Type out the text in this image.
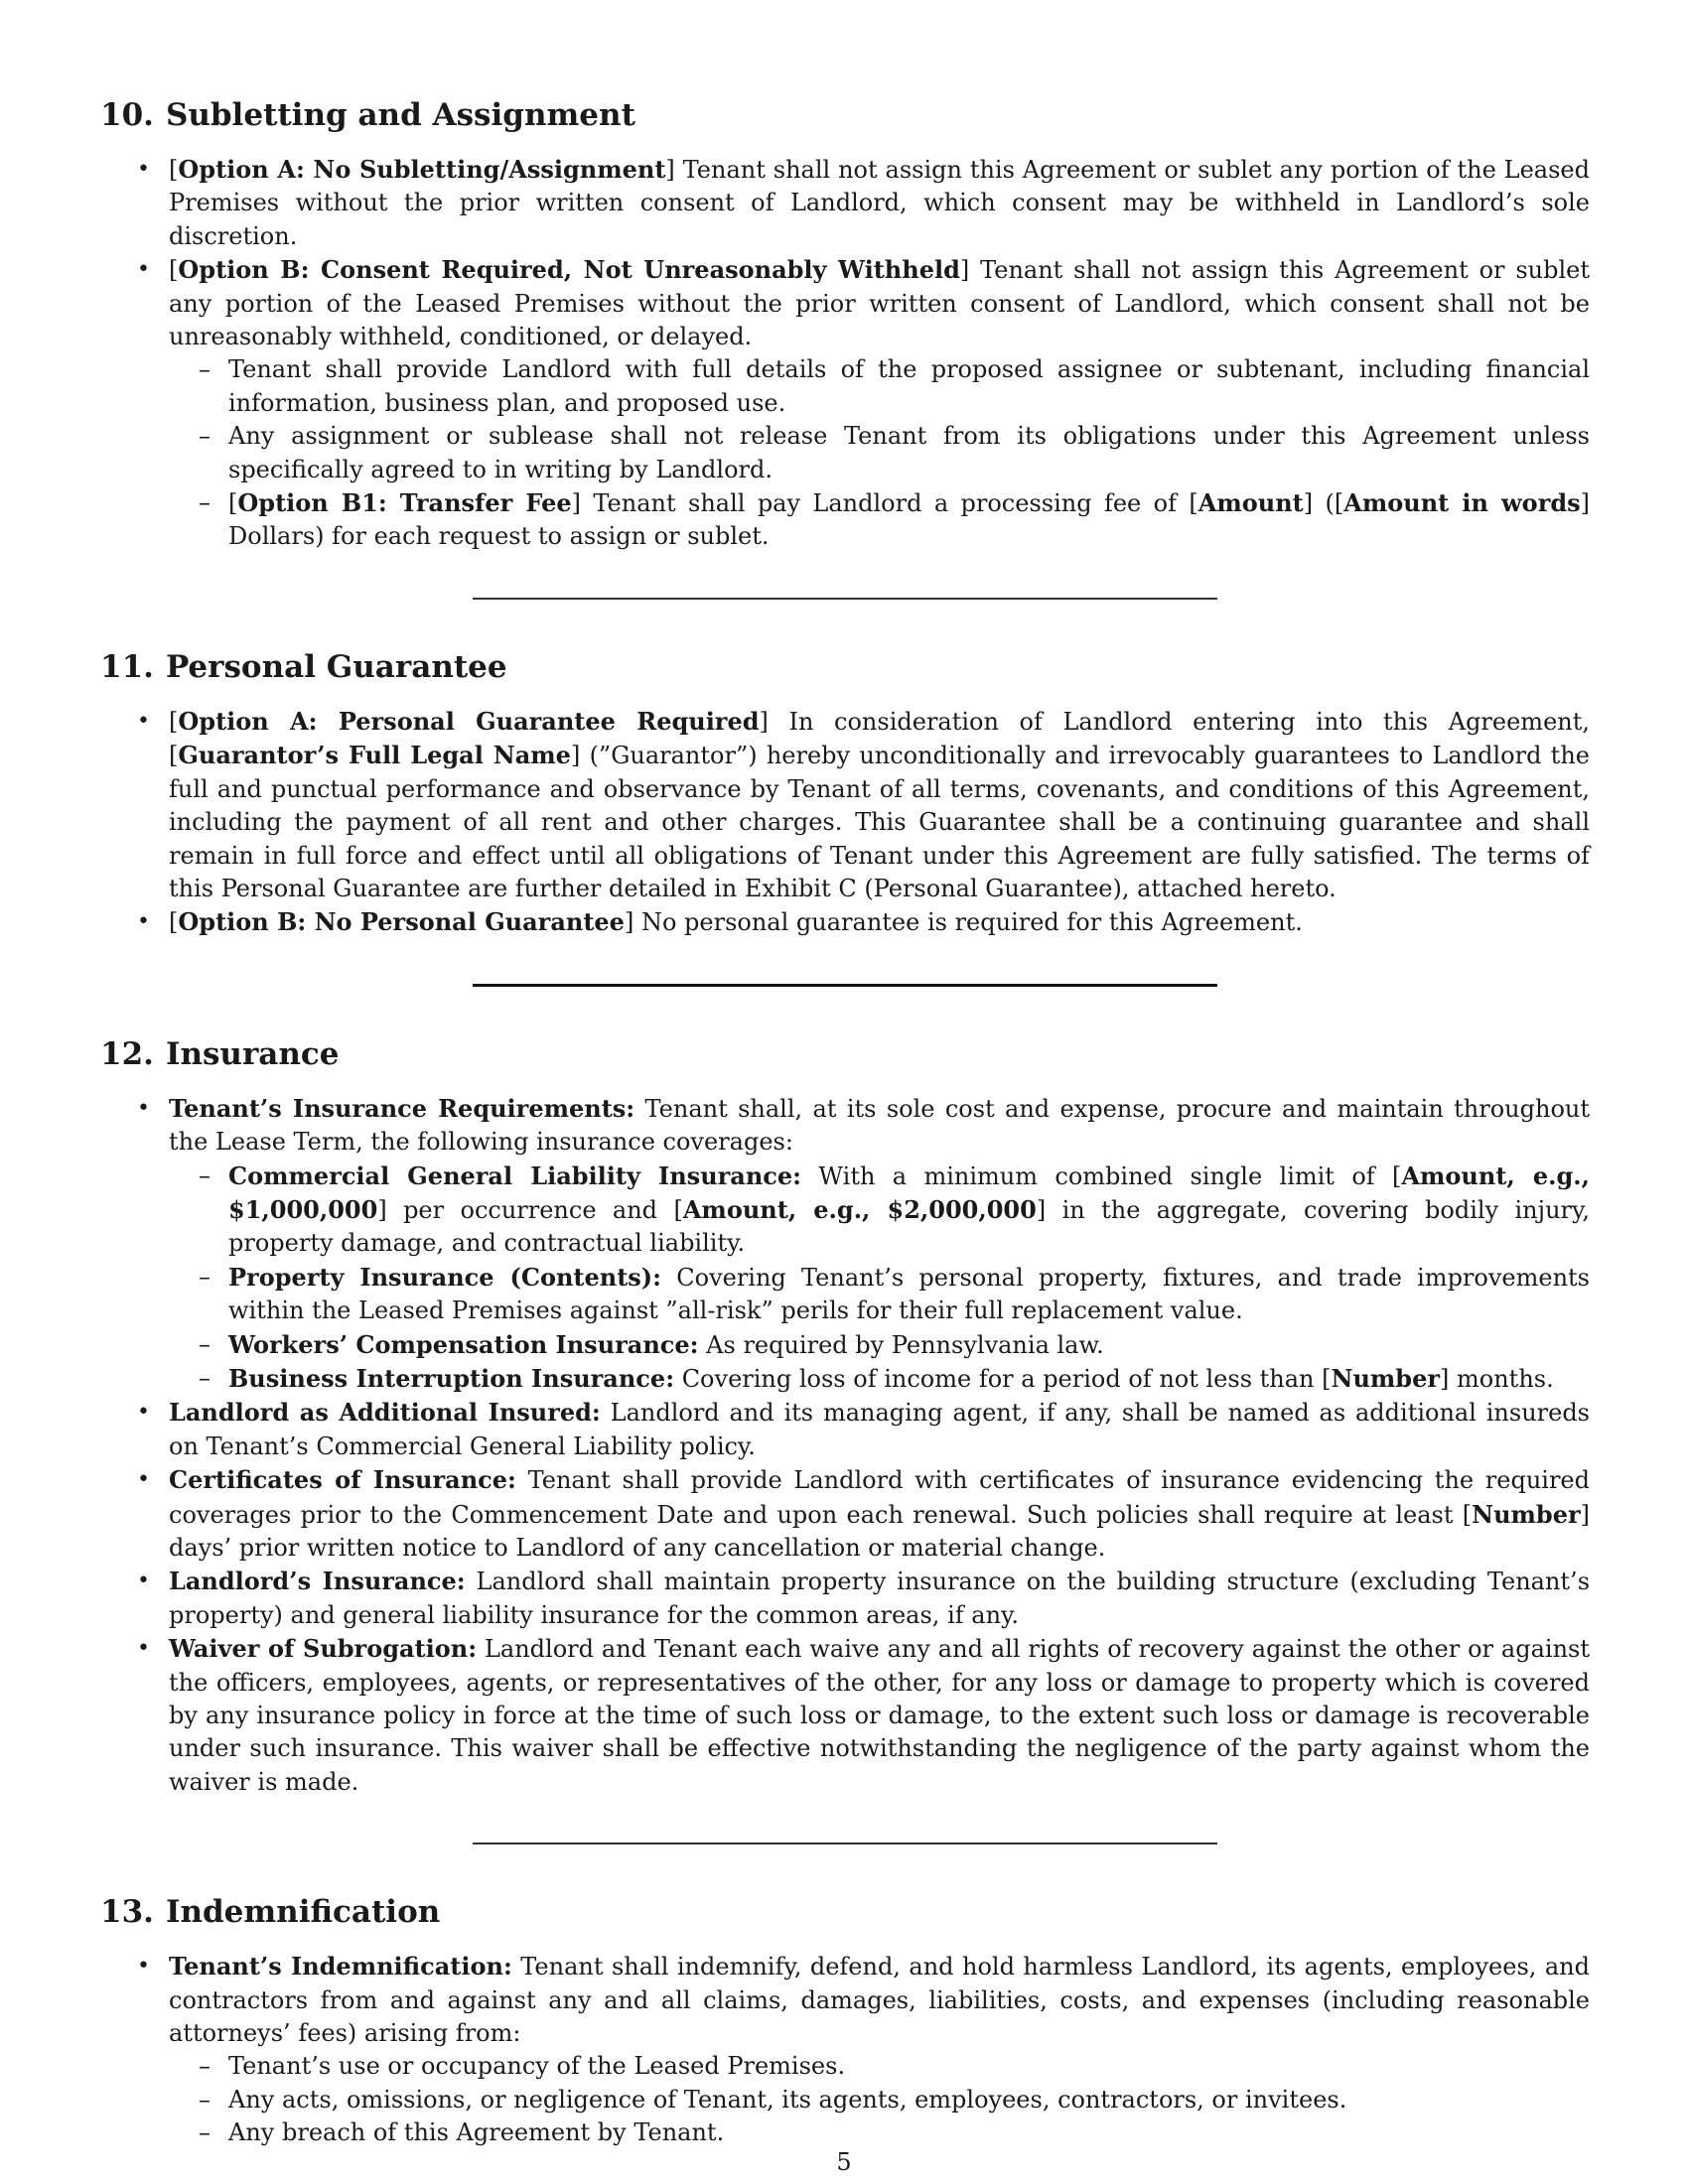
10. Subletting and Assignment
• [Option A: No Subletting/Assignment] Tenant shall not assign this Agreement or sublet any portion of the Leased Premises without the prior written consent of Landlord, which consent may be withheld in Landlord’s sole discretion.
• [Option B: Consent Required, Not Unreasonably Withheld] Tenant shall not assign this Agreement or sublet any portion of the Leased Premises without the prior written consent of Landlord, which consent shall not be unreasonably withheld, conditioned, or delayed.
– Tenant shall provide Landlord with full details of the proposed assignee or subtenant, including financial information, business plan, and proposed use.
– Any assignment or sublease shall not release Tenant from its obligations under this Agreement unless specifically agreed to in writing by Landlord.
– [Option B1: Transfer Fee] Tenant shall pay Landlord a processing fee of [Amount] ([Amount in words] Dollars) for each request to assign or sublet.
11. Personal Guarantee
• [Option A: Personal Guarantee Required] In consideration of Landlord entering into this Agreement, [Guarantor’s Full Legal Name] (”Guarantor”) hereby unconditionally and irrevocably guarantees to Landlord the full and punctual performance and observance by Tenant of all terms, covenants, and conditions of this Agreement, including the payment of all rent and other charges. This Guarantee shall be a continuing guarantee and shall remain in full force and effect until all obligations of Tenant under this Agreement are fully satisfied. The terms of this Personal Guarantee are further detailed in Exhibit C (Personal Guarantee), attached hereto.
• [Option B: No Personal Guarantee] No personal guarantee is required for this Agreement.
12. Insurance
• Tenant’s Insurance Requirements: Tenant shall, at its sole cost and expense, procure and maintain throughout the Lease Term, the following insurance coverages:
– Commercial General Liability Insurance: With a minimum combined single limit of [Amount, e.g., $1,000,000] per occurrence and [Amount, e.g., $2,000,000] in the aggregate, covering bodily injury, property damage, and contractual liability.
– Property Insurance (Contents): Covering Tenant’s personal property, fixtures, and trade improvements within the Leased Premises against ”all-risk” perils for their full replacement value.
– Workers’ Compensation Insurance: As required by Pennsylvania law.
– Business Interruption Insurance: Covering loss of income for a period of not less than [Number] months.
• Landlord as Additional Insured: Landlord and its managing agent, if any, shall be named as additional insureds on Tenant’s Commercial General Liability policy.
• Certificates of Insurance: Tenant shall provide Landlord with certificates of insurance evidencing the required coverages prior to the Commencement Date and upon each renewal. Such policies shall require at least [Number] days’ prior written notice to Landlord of any cancellation or material change.
• Landlord’s Insurance: Landlord shall maintain property insurance on the building structure (excluding Tenant’s property) and general liability insurance for the common areas, if any.
• Waiver of Subrogation: Landlord and Tenant each waive any and all rights of recovery against the other or against the officers, employees, agents, or representatives of the other, for any loss or damage to property which is covered by any insurance policy in force at the time of such loss or damage, to the extent such loss or damage is recoverable under such insurance. This waiver shall be effective notwithstanding the negligence of the party against whom the waiver is made.
13. Indemnification
• Tenant’s Indemnification: Tenant shall indemnify, defend, and hold harmless Landlord, its agents, employees, and contractors from and against any and all claims, damages, liabilities, costs, and expenses (including reasonable attorneys’ fees) arising from:
– Tenant’s use or occupancy of the Leased Premises.
– Any acts, omissions, or negligence of Tenant, its agents, employees, contractors, or invitees.
– Any breach of this Agreement by Tenant.
5
